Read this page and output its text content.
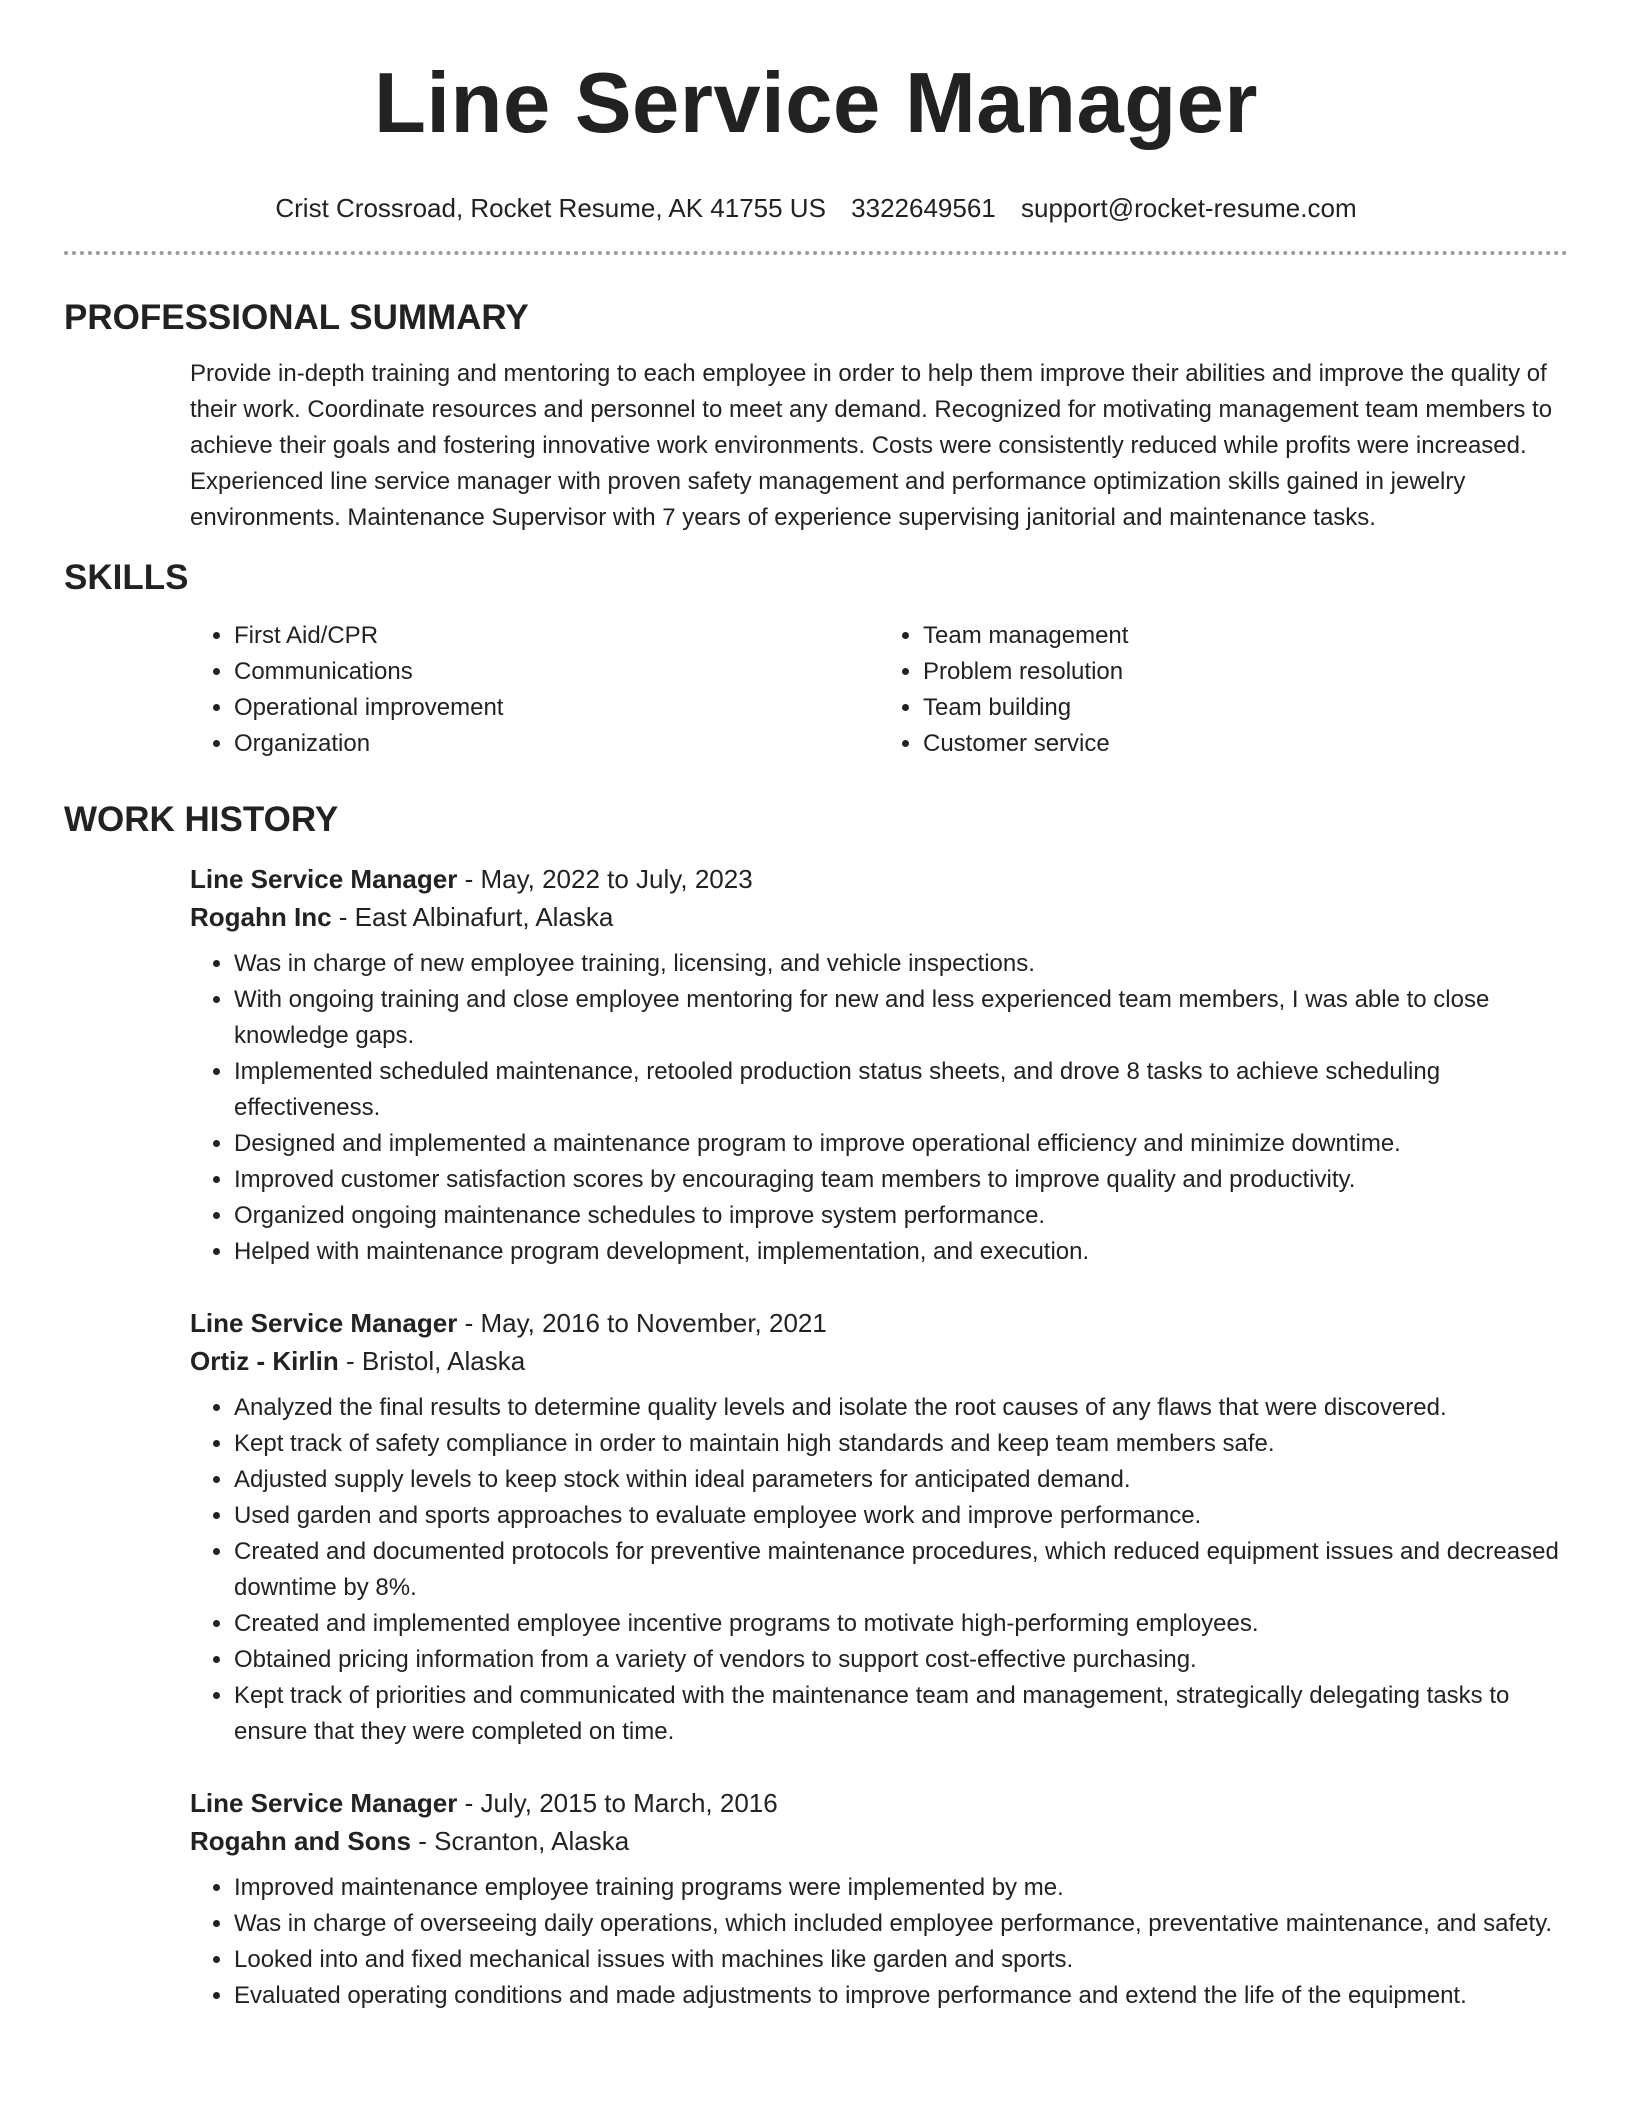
Line Service Manager
Crist Crossroad, Rocket Resume, AK 41755 US 3322649561 support@rocket-resume.com
PROFESSIONAL SUMMARY

Provide in-depth training and mentoring to each employee in order to help them improve their abilities and improve the quality of their work. Coordinate resources and personnel to meet any demand. Recognized for motivating management team members to achieve their goals and fostering innovative work environments. Costs were consistently reduced while profits were increased. Experienced line service manager with proven safety management and performance optimization skills gained in jewelry environments. Maintenance Supervisor with 7 years of experience supervising janitorial and maintenance tasks.

SKILLS
• First Aid/CPR
• Communications
• Operational improvement
• Organization
• Team management
• Problem resolution
• Team building
• Customer service
WORK HISTORY
Line Service Manager - May, 2022 to July, 2023
Rogahn Inc - East Albinafurt, Alaska
• Was in charge of new employee training, licensing, and vehicle inspections.
• With ongoing training and close employee mentoring for new and less experienced team members, I was able to close knowledge gaps.
• Implemented scheduled maintenance, retooled production status sheets, and drove 8 tasks to achieve scheduling effectiveness.
• Designed and implemented a maintenance program to improve operational efficiency and minimize downtime.
• Improved customer satisfaction scores by encouraging team members to improve quality and productivity.
• Organized ongoing maintenance schedules to improve system performance.
• Helped with maintenance program development, implementation, and execution.
Line Service Manager - May, 2016 to November, 2021
Ortiz - Kirlin - Bristol, Alaska
• Analyzed the final results to determine quality levels and isolate the root causes of any flaws that were discovered.
• Kept track of safety compliance in order to maintain high standards and keep team members safe.
• Adjusted supply levels to keep stock within ideal parameters for anticipated demand.
• Used garden and sports approaches to evaluate employee work and improve performance.
• Created and documented protocols for preventive maintenance procedures, which reduced equipment issues and decreased downtime by 8%.
• Created and implemented employee incentive programs to motivate high-performing employees.
• Obtained pricing information from a variety of vendors to support cost-effective purchasing.
• Kept track of priorities and communicated with the maintenance team and management, strategically delegating tasks to ensure that they were completed on time.
Line Service Manager - July, 2015 to March, 2016
Rogahn and Sons - Scranton, Alaska
• Improved maintenance employee training programs were implemented by me.
• Was in charge of overseeing daily operations, which included employee performance, preventative maintenance, and safety.
• Looked into and fixed mechanical issues with machines like garden and sports.
• Evaluated operating conditions and made adjustments to improve performance and extend the life of the equipment.
